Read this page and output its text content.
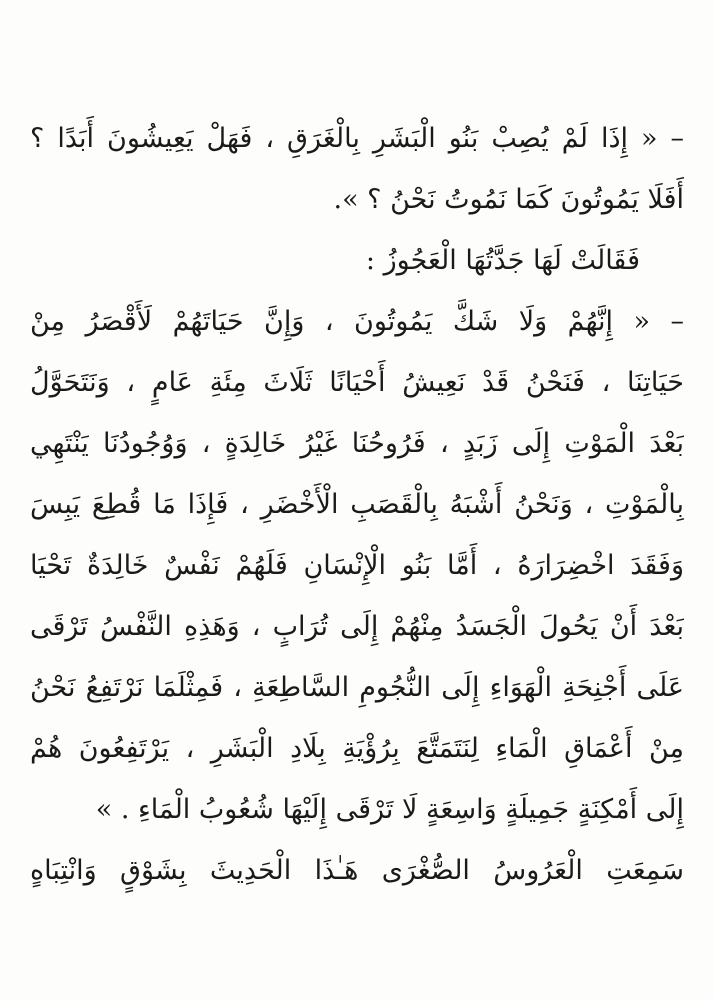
– « إِذَا لَمْ يُصِبْ بَنُو الْبَشَرِ بِالْغَرَقِ ، فَهَلْ يَعِيشُونَ أَبَدًا ؟
أَفَلَا يَمُوتُونَ كَمَا نَمُوتُ نَحْنُ ؟ ».
فَقَالَتْ لَهَا جَدَّتُهَا الْعَجُوزُ :
– « إِنَّهُمْ وَلَا شَكَّ يَمُوتُونَ ، وَإِنَّ حَيَاتَهُمْ لَأَقْصَرُ مِنْ
حَيَاتِنَا ، فَنَحْنُ قَدْ نَعِيشُ أَحْيَانًا ثَلَاثَ مِئَةِ عَامٍ ، وَنَتَحَوَّلُ
بَعْدَ الْمَوْتِ إِلَى زَبَدٍ ، فَرُوحُنَا غَيْرُ خَالِدَةٍ ، وَوُجُودُنَا يَنْتَهِي
بِالْمَوْتِ ، وَنَحْنُ أَشْبَهُ بِالْقَصَبِ الْأَخْضَرِ ، فَإِذَا مَا قُطِعَ يَبِسَ
وَفَقَدَ اخْضِرَارَهُ ، أَمَّا بَنُو الْإِنْسَانِ فَلَهُمْ نَفْسٌ خَالِدَةٌ تَحْيَا
بَعْدَ أَنْ يَحُولَ الْجَسَدُ مِنْهُمْ إِلَى تُرَابٍ ، وَهَذِهِ النَّفْسُ تَرْقَى
عَلَى أَجْنِحَةِ الْهَوَاءِ إِلَى النُّجُومِ السَّاطِعَةِ ، فَمِثْلَمَا نَرْتَفِعُ نَحْنُ
مِنْ أَعْمَاقِ الْمَاءِ لِنَتَمَتَّعَ بِرُؤْيَةِ بِلَادِ الْبَشَرِ ، يَرْتَفِعُونَ هُمْ
إِلَى أَمْكِنَةٍ جَمِيلَةٍ وَاسِعَةٍ لَا تَرْقَى إِلَيْهَا شُعُوبُ الْمَاءِ . »
سَمِعَتِ الْعَرُوسُ الصُّغْرَى هَـٰذَا الْحَدِيثَ بِشَوْقٍ وَانْتِبَاهٍ
